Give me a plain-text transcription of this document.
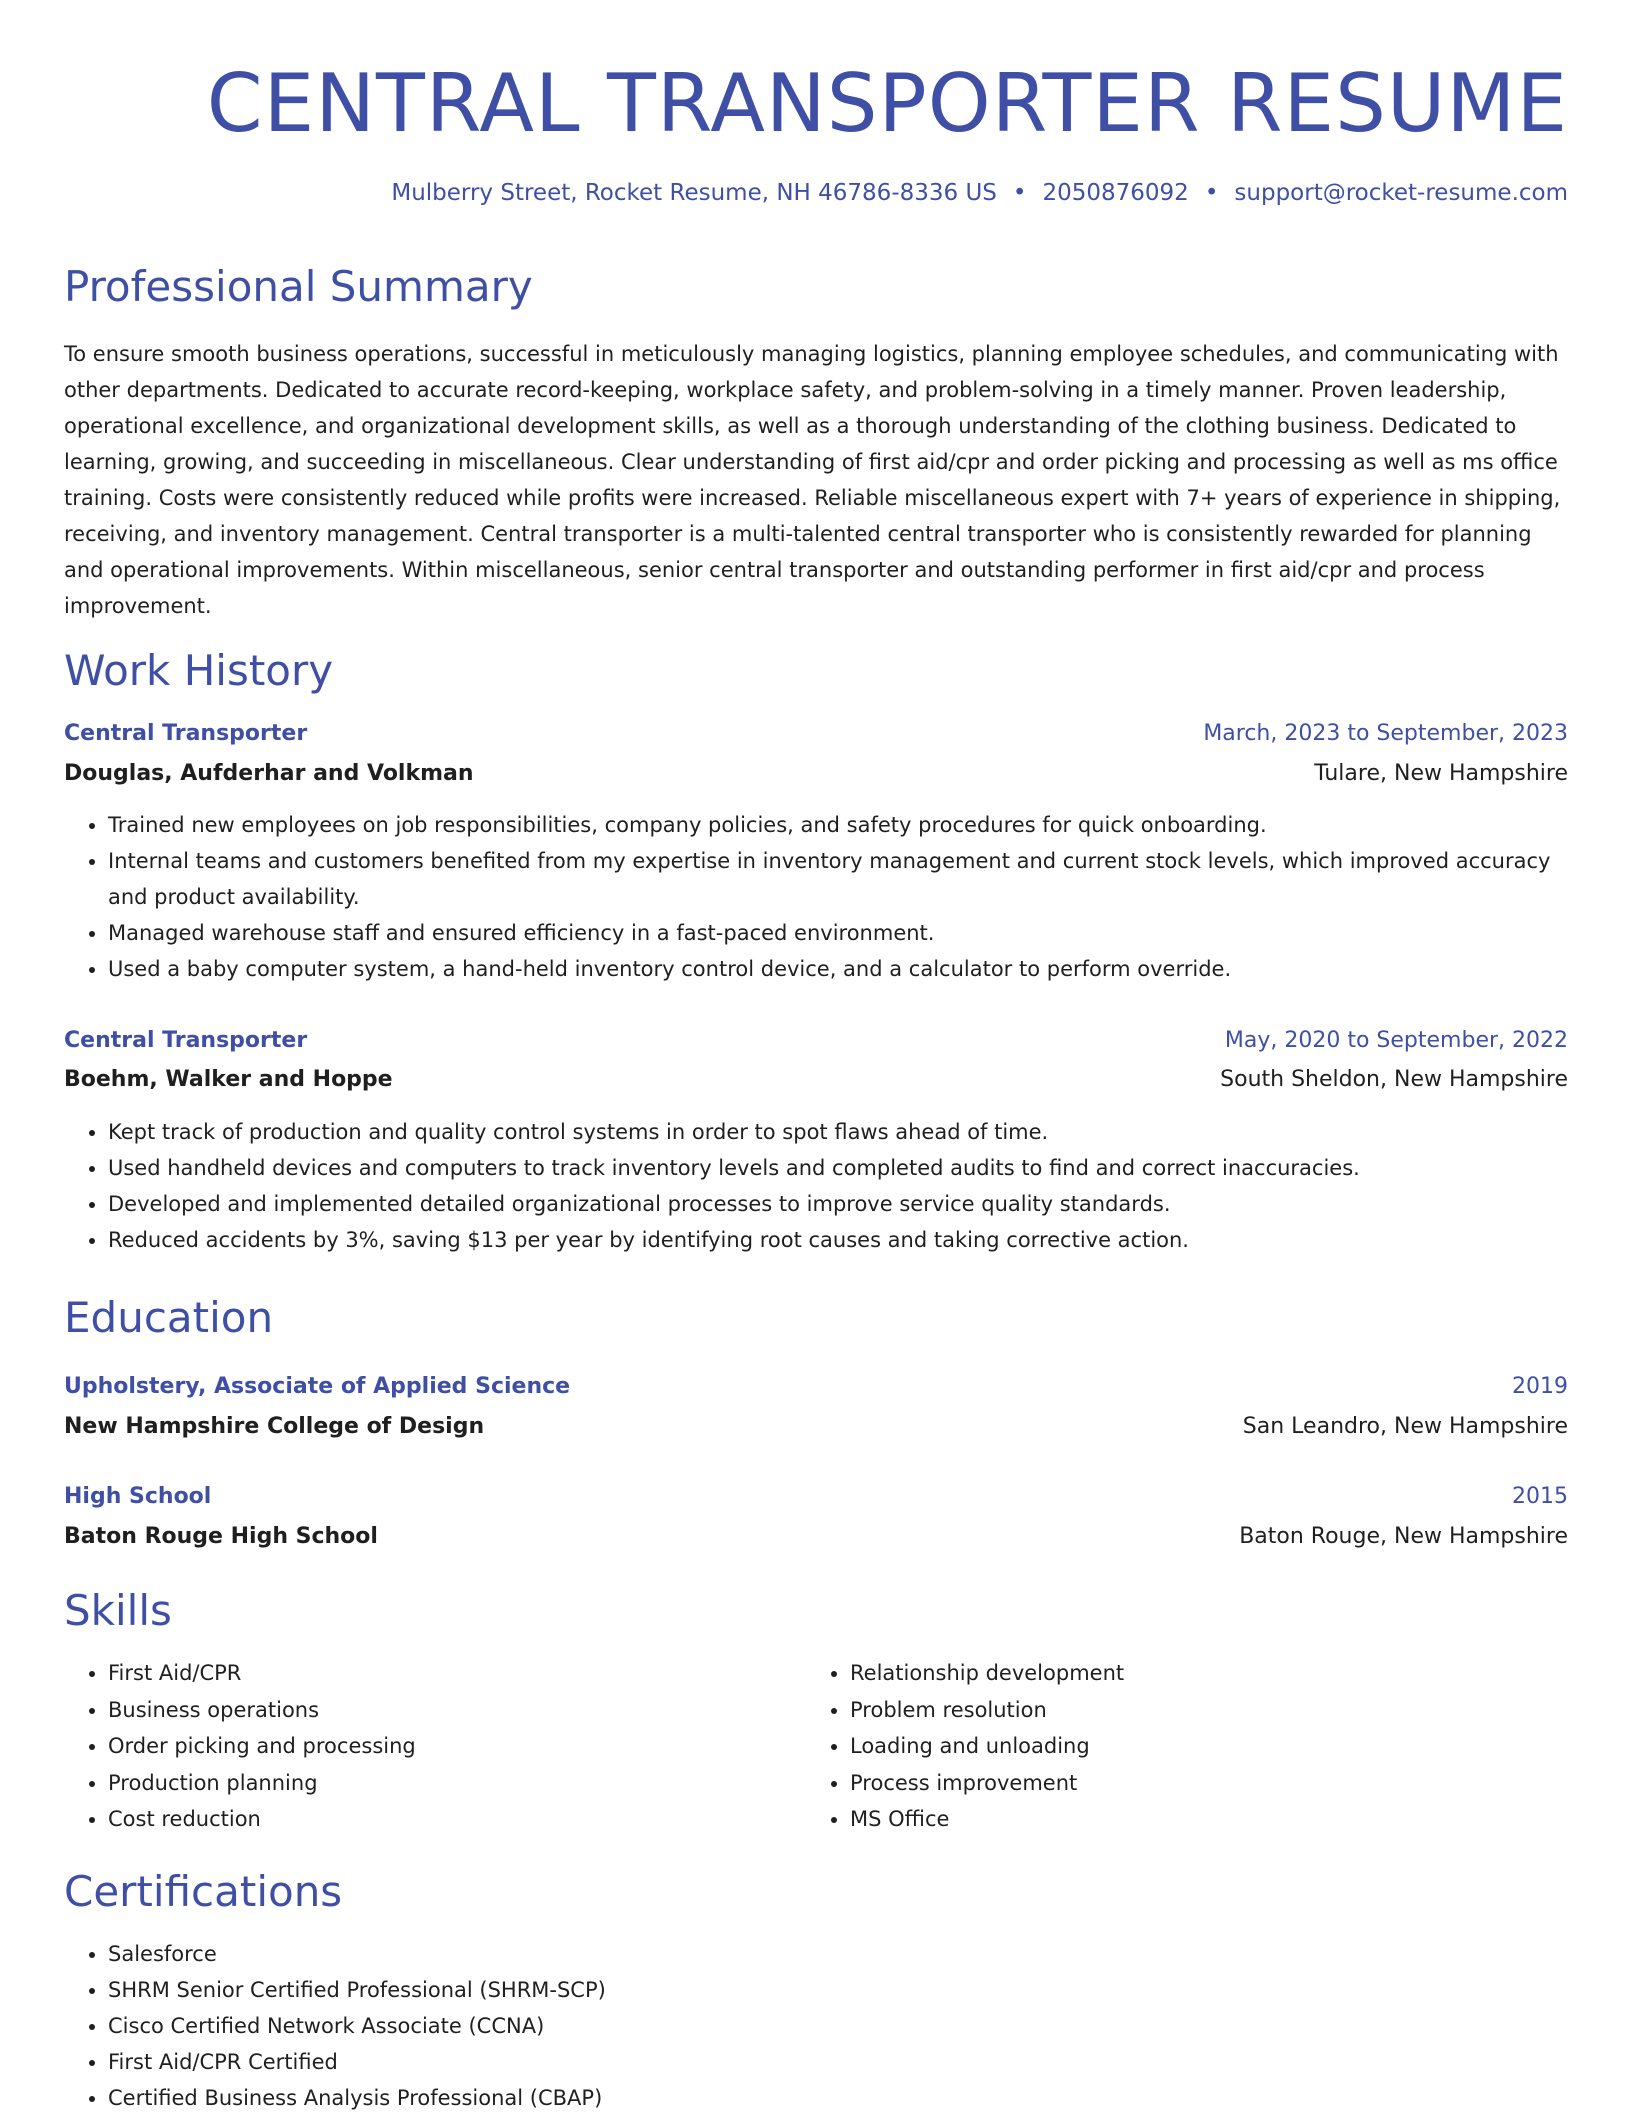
CENTRAL TRANSPORTER RESUME
Mulberry Street, Rocket Resume, NH 46786-8336 US • 2050876092 • support@rocket-resume.com
Professional Summary

To ensure smooth business operations, successful in meticulously managing logistics, planning employee schedules, and communicating with other departments. Dedicated to accurate record-keeping, workplace safety, and problem-solving in a timely manner. Proven leadership, operational excellence, and organizational development skills, as well as a thorough understanding of the clothing business. Dedicated to learning, growing, and succeeding in miscellaneous. Clear understanding of first aid/cpr and order picking and processing as well as ms office training. Costs were consistently reduced while profits were increased. Reliable miscellaneous expert with 7+ years of experience in shipping, receiving, and inventory management. Central transporter is a multi-talented central transporter who is consistently rewarded for planning and operational improvements. Within miscellaneous, senior central transporter and outstanding performer in first aid/cpr and process improvement.

Work History
Central Transporter	March, 2023 to September, 2023
Douglas, Aufderhar and Volkman	Tulare, New Hampshire
• Trained new employees on job responsibilities, company policies, and safety procedures for quick onboarding.
• Internal teams and customers benefited from my expertise in inventory management and current stock levels, which improved accuracy and product availability.
• Managed warehouse staff and ensured efficiency in a fast-paced environment.
• Used a baby computer system, a hand-held inventory control device, and a calculator to perform override.
Central Transporter	May, 2020 to September, 2022
Boehm, Walker and Hoppe	South Sheldon, New Hampshire
• Kept track of production and quality control systems in order to spot flaws ahead of time.
• Used handheld devices and computers to track inventory levels and completed audits to find and correct inaccuracies.
• Developed and implemented detailed organizational processes to improve service quality standards.
• Reduced accidents by 3%, saving $13 per year by identifying root causes and taking corrective action.
Education
Upholstery, Associate of Applied Science	2019
New Hampshire College of Design	San Leandro, New Hampshire
High School	2015
Baton Rouge High School	Baton Rouge, New Hampshire
Skills
• First Aid/CPR
• Business operations
• Order picking and processing
• Production planning
• Cost reduction
• Relationship development
• Problem resolution
• Loading and unloading
• Process improvement
• MS Office
Certifications
• Salesforce
• SHRM Senior Certified Professional (SHRM-SCP)
• Cisco Certified Network Associate (CCNA)
• First Aid/CPR Certified
• Certified Business Analysis Professional (CBAP)
